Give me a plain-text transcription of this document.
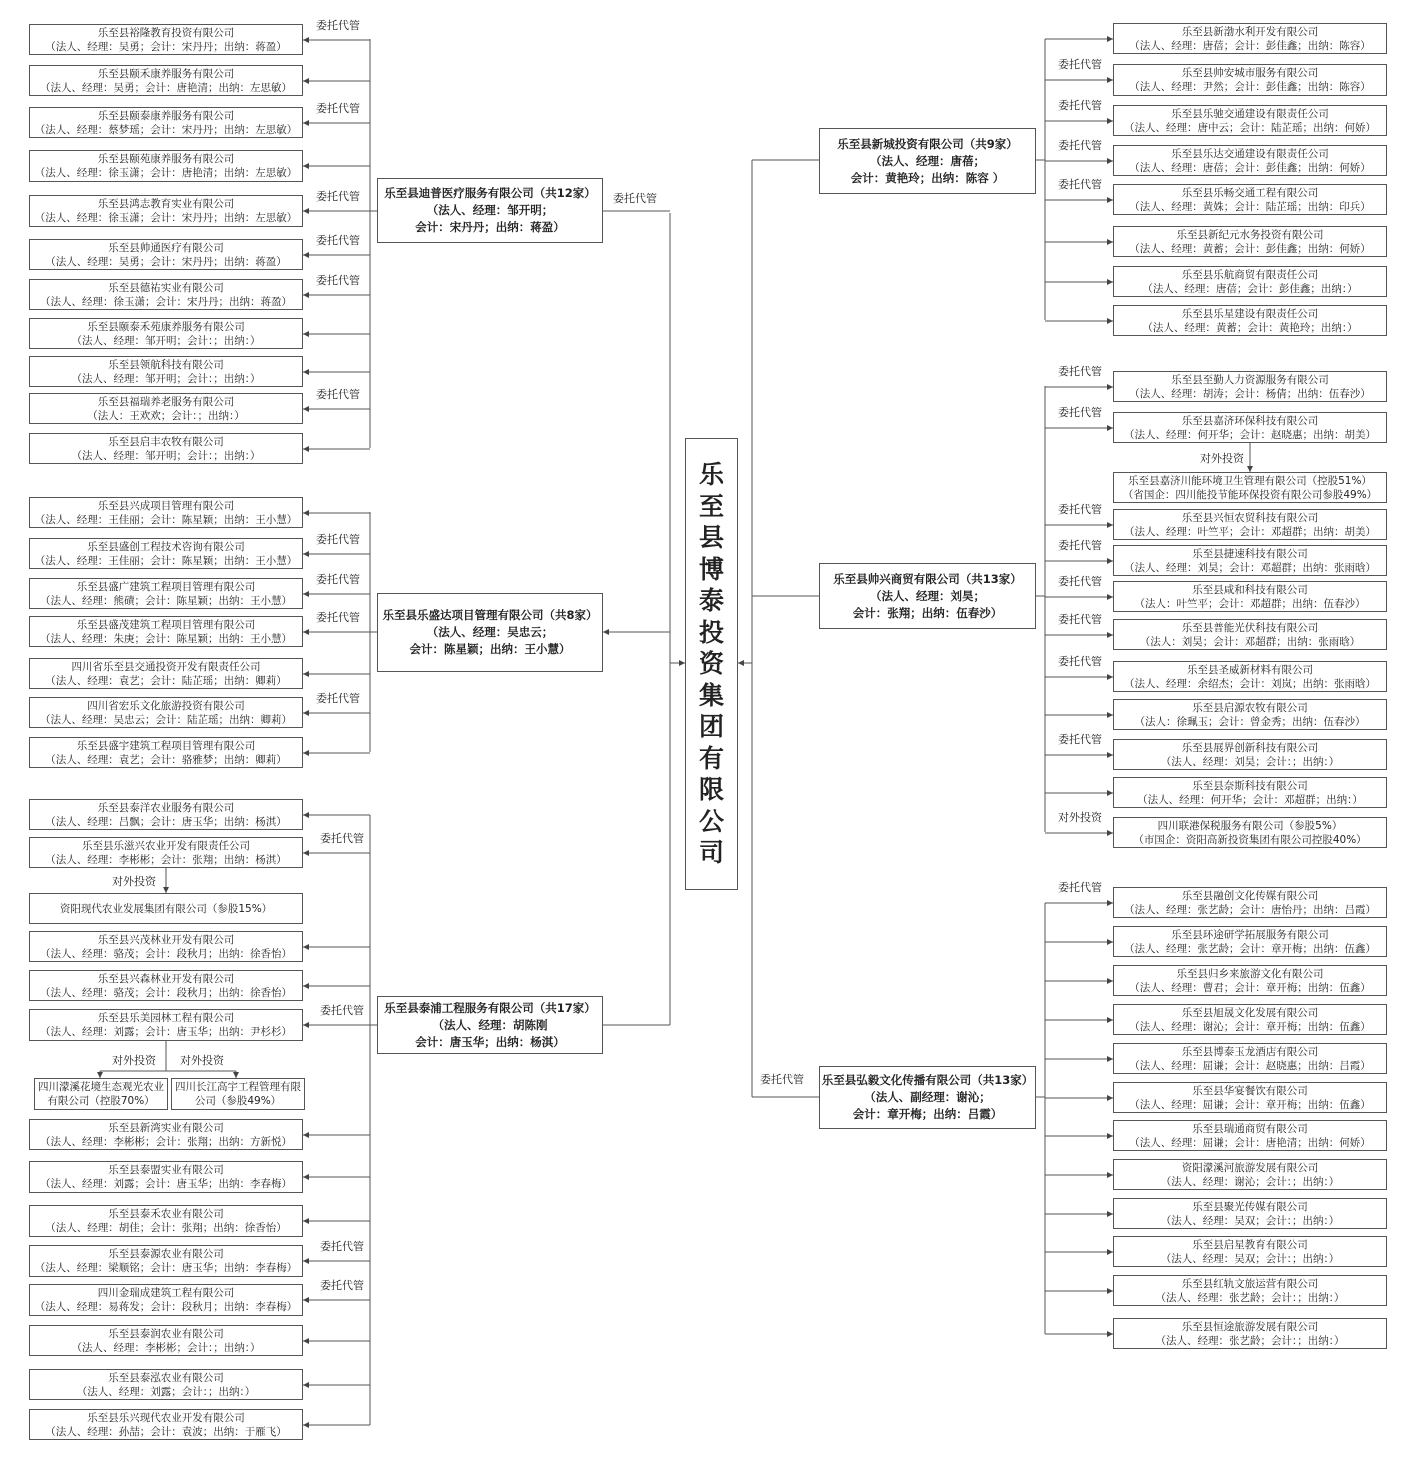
乐
至
县
博
泰
投
资
集
团
有
限
公
司
乐至县迪普医疗服务有限公司（共12家）
（法人、经理：邹开明；
会计：宋丹丹；出纳：蒋盈）
乐至县乐盛达项目管理有限公司（共8家）
（法人、经理：吴忠云；
会计：陈星颖；出纳：王小慧）
乐至县泰浦工程服务有限公司（共17家）
（法人、经理：胡陈刚
会计：唐玉华；出纳：杨淇）
乐至县新城投资有限公司（共9家）
（法人、经理：唐蓓；
会计：黄艳玲；出纳：陈容 ）
乐至县帅兴商贸有限公司（共13家）
（法人、经理：刘昊；
会计：张翔；出纳：伍春沙）
乐至县弘毅文化传播有限公司（共13家）
（法人、副经理：谢沁；
会计：章开梅；出纳：吕霞）
委托代管
委托代管
乐至县裕隆教育投资有限公司
（法人、经理：吴勇；会计：宋丹丹；出纳：蒋盈）
委托代管
乐至县颐禾康养服务有限公司
（法人、经理：吴勇；会计：唐艳清；出纳：左思敏）
乐至县颐泰康养服务有限公司
（法人、经理：蔡梦瑶；会计：宋丹丹；出纳：左思敏）
委托代管
乐至县颐苑康养服务有限公司
（法人、经理：徐玉潇；会计：唐艳清；出纳：左思敏）
乐至县鸿志教育实业有限公司
（法人、经理：徐玉潇；会计：宋丹丹；出纳：左思敏）
委托代管
乐至县帅通医疗有限公司
（法人、经理：吴勇；会计：宋丹丹；出纳：蒋盈）
委托代管
乐至县德祐实业有限公司
（法人、经理：徐玉潇；会计：宋丹丹；出纳：蒋盈）
委托代管
乐至县颐泰禾苑康养服务有限公司
（法人、经理：邹开明；会计：；出纳：）
乐至县领航科技有限公司
（法人、经理：邹开明；会计：；出纳：）
乐至县福瑞养老服务有限公司
（法人：王欢欢；会计：；出纳：）
委托代管
乐至县启丰农牧有限公司
（法人、经理：邹开明；会计：；出纳：）
乐至县兴成项目管理有限公司
（法人、经理：王佳丽；会计：陈星颖；出纳：王小慧）
乐至县盛创工程技术咨询有限公司
（法人、经理：王佳丽；会计：陈星颖；出纳：王小慧）
委托代管
乐至县盛广建筑工程项目管理有限公司
（法人、经理：熊磧；会计：陈星颖；出纳：王小慧）
委托代管
乐至县盛茂建筑工程项目管理有限公司
（法人、经理：朱庚；会计：陈星颖；出纳：王小慧）
委托代管
四川省乐至县交通投资开发有限责任公司
（法人、经理：袁艺；会计：陆芷瑶；出纳：卿莉）
四川省宏乐文化旅游投资有限公司
（法人、经理：吴忠云；会计：陆芷瑶；出纳：卿莉）
委托代管
乐至县盛宇建筑工程项目管理有限公司
（法人、经理：袁艺；会计：骆雅梦；出纳：卿莉）
乐至县泰洋农业服务有限公司
（法人、经理：吕飘；会计：唐玉华；出纳：杨淇）
乐至县乐滋兴农业开发有限责任公司
（法人、经理：李彬彬；会计：张翔；出纳：杨淇）
委托代管
资阳现代农业发展集团有限公司（参股15%）
乐至县兴茂林业开发有限公司
（法人、经理：骆茂；会计：段秋月；出纳：徐香怡）
乐至县兴森林业开发有限公司
（法人、经理：骆茂；会计：段秋月；出纳：徐香怡）
乐至县乐美园林工程有限公司
（法人、经理：刘露；会计：唐玉华；出纳：尹杉杉）
委托代管
乐至县新湾实业有限公司
（法人、经理：李彬彬；会计：张翔；出纳：方新悦）
乐至县泰盟实业有限公司
（法人、经理：刘露；会计：唐玉华；出纳：李春梅）
乐至县泰禾农业有限公司
（法人、经理：胡佳；会计：张翔；出纳：徐香怡）
乐至县泰源农业有限公司
（法人、经理：梁顺铭；会计：唐玉华；出纳：李春梅）
委托代管
四川金瑞成建筑工程有限公司
（法人、经理：易蒋发；会计：段秋月；出纳：李春梅）
委托代管
乐至县泰润农业有限公司
（法人、经理：李彬彬；会计：；出纳：）
乐至县泰泓农业有限公司
（法人、经理：刘露；会计：；出纳：）
乐至县乐兴现代农业开发有限公司
（法人、经理：孙喆；会计：袁波；出纳：于雁飞）
对外投资
四川濛溪花境生态观光农业有限公司（控股70%）
四川长江高宇工程管理有限公司（参股49%）
对外投资 对外投资
乐至县新渤水利开发有限公司
（法人、经理：唐蓓；会计：彭佳鑫；出纳：陈容）
乐至县帅安城市服务有限公司
（法人、经理：尹然；会计：彭佳鑫；出纳：陈容）
委托代管
乐至县乐驰交通建设有限责任公司
（法人、经理：唐中云；会计：陆芷瑶；出纳：何娇）
委托代管
乐至县乐达交通建设有限责任公司
（法人、经理：唐蓓；会计：彭佳鑫；出纳：何娇）
委托代管
乐至县乐畅交通工程有限公司
（法人、经理：黄姝；会计：陆芷瑶；出纳：印兵）
委托代管
乐至县新纪元水务投资有限公司
（法人、经理：黄蓄；会计：彭佳鑫；出纳：何娇）
乐至县乐航商贸有限责任公司
（法人、经理：唐蓓；会计：彭佳鑫；出纳：）
乐至县乐星建设有限责任公司
（法人、经理：黄蓄；会计：黄艳玲；出纳：）
乐至县至勤人力资源服务有限公司
（法人、经理：胡涛；会计：杨倩；出纳：伍春沙）
委托代管
乐至县嘉济环保科技有限公司
（法人、经理：何开华；会计：赵晓惠；出纳：胡美）
委托代管
乐至县嘉济川能环境卫生管理有限公司（控股51%）
（省国企：四川能投节能环保投资有限公司参股49%）
乐至县兴恒农贸科技有限公司
（法人、经理：叶竺平；会计：邓超群；出纳：胡美）
委托代管
乐至县捷速科技有限公司
（法人、经理：刘昊；会计：邓超群；出纳：张雨晗）
委托代管
乐至县咸和科技有限公司
（法人：叶竺平；会计：邓超群；出纳：伍春沙）
委托代管
乐至县普能光伏科技有限公司
（法人：刘昊；会计：邓超群；出纳：张雨晗）
委托代管
乐至县圣威新材料有限公司
（法人、经理：余绍杰；会计：刘岚；出纳：张雨晗）
委托代管
乐至县启源农牧有限公司
（法人：徐珮玉；会计：曾金秀；出纳：伍春沙）
乐至县展界创新科技有限公司
（法人、经理：刘昊；会计：；出纳：）
委托代管
乐至县奈斯科技有限公司
（法人、经理：何开华；会计：邓超群；出纳：）
四川联港保税服务有限公司（参股5%）
（市国企：资阳高新投资集团有限公司控股40%）
对外投资
对外投资
乐至县融创文化传媒有限公司
（法人、经理：张艺龄；会计：唐怡丹；出纳：吕霞）
委托代管
乐至县环途研学拓展服务有限公司
（法人、经理：张艺龄；会计：章开梅；出纳：伍鑫）
乐至县归乡来旅游文化有限公司
（法人、经理：曹君；会计：章开梅；出纳：伍鑫）
乐至县旭晟文化发展有限公司
（法人、经理：谢沁；会计：章开梅；出纳：伍鑫）
乐至县博泰玉龙酒店有限公司
（法人、经理：屈谦；会计：赵晓惠；出纳：吕霞）
乐至县华宴餐饮有限公司
（法人、经理：屈谦；会计：章开梅；出纳：伍鑫）
乐至县瑞通商贸有限公司
（法人、经理：屈谦；会计：唐艳清；出纳：何娇）
资阳濛溪河旅游发展有限公司
（法人、经理：谢沁；会计：；出纳：）
乐至县聚光传媒有限公司
（法人、经理：吴双；会计：；出纳：）
乐至县启星教育有限公司
（法人、经理：吴双；会计：；出纳：）
乐至县红轨文旅运营有限公司
（法人、经理：张艺龄；会计：；出纳：）
乐至县恒途旅游发展有限公司
（法人、经理：张艺龄；会计：；出纳：）
